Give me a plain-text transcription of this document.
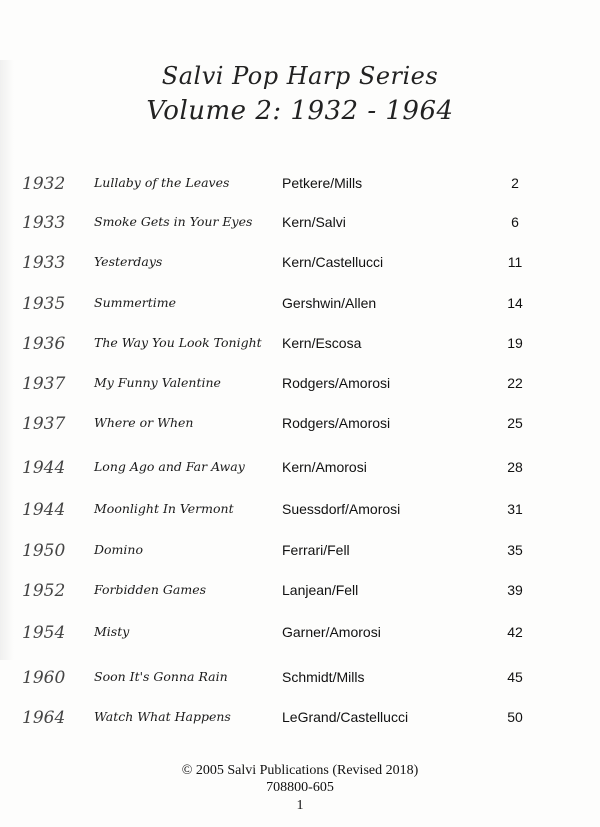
Salvi Pop Harp Series
Volume 2: 1932 - 1964
1932 Lullaby of the Leaves	Petkere/Mills	2
1933 Smoke Gets in Your Eyes	Kern/Salvi	6
1933 Yesterdays	Kern/Castellucci	11
1935 Summertime	Gershwin/Allen	14
1936 The Way You Look Tonight	Kern/Escosa	19
1937 My Funny Valentine	Rodgers/Amorosi	22
1937 Where or When	Rodgers/Amorosi	25
1944 Long Ago and Far Away	Kern/Amorosi	28
1944 Moonlight In Vermont	Suessdorf/Amorosi	31
1950 Domino	Ferrari/Fell	35
1952 Forbidden Games	Lanjean/Fell	39
1954 Misty	Garner/Amorosi	42
1960 Soon It's Gonna Rain	Schmidt/Mills	45
1964 Watch What Happens	LeGrand/Castellucci	50
© 2005 Salvi Publications (Revised 2018)
708800-605
1
